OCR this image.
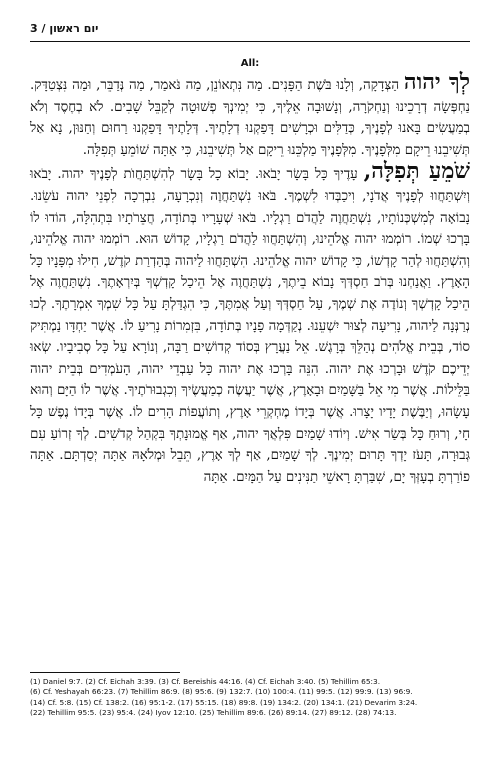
3 / יום ראשון
All:

לְךָ יהוה הַצְּדָקָה, וְלָנוּ בֹּשֶׁת הַפָּנִים. מַה נִּתְאוֹנֵן, מַה נֹּאמַר, מַה נְּדַבֵּר, וּמַה נִּצְטַדָּק. נַחְפְּשָׂה דְרָכֵינוּ וְנַחְקֹרָה, וְנָשׁוּבָה אֵלֶיךָ, כִּי יְמִינְךָ פְשׁוּטָה לְקַבֵּל שָׁבִים. לֹא בְחֶסֶד וְלֹא בְמַעֲשִׂים בָּאנוּ לְפָנֶיךָ, כְּדַלִּים וּכְרָשִׁים דָּפַקְנוּ דְלָתֶיךָ. דְּלָתֶיךָ דָּפַקְנוּ רַחוּם וְחַנּוּן, נָא אַל תְּשִׁיבֵנוּ רֵיקָם מִלְּפָנֶיךָ. מִלְּפָנֶיךָ מַלְכֵּנוּ רֵיקָם אַל תְּשִׁיבֵנוּ, כִּי אַתָּה שׁוֹמֵעַ תְּפִלָּה.

שֹׁמֵעַ תְּפִלָּה, עָדֶיךָ כָּל בָּשָׂר יָבֹאוּ. יָבוֹא כָל בָּשָׂר לְהִשְׁתַּחֲוֺת לְפָנֶיךָ יהוה. יָבֹאוּ וְיִשְׁתַּחֲווּ לְפָנֶיךָ אֲדֹנָי, וִיכַבְּדוּ לִשְׁמֶךָ. בֹּאוּ נִשְׁתַּחֲוֶה וְנִכְרָעָה, נִבְרְכָה לִפְנֵי יהוה עֹשֵׂנוּ. נָבוֹאָה לְמִשְׁכְּנוֹתָיו, נִשְׁתַּחֲוֶה לַהֲדֹם רַגְלָיו. בֹּאוּ שְׁעָרָיו בְּתוֹדָה, חֲצֵרֹתָיו בִּתְהִלָּה, הוֹדוּ לוֹ בָּרְכוּ שְׁמוֹ. רוֹמְמוּ יהוה אֱלֹהֵינוּ, וְהִשְׁתַּחֲווּ לַהֲדֹם רַגְלָיו, קָדוֹשׁ הוּא. רוֹמְמוּ יהוה אֱלֹהֵינוּ, וְהִשְׁתַּחֲווּ לְהַר קָדְשׁוֹ, כִּי קָדוֹשׁ יהוה אֱלֹהֵינוּ. הִשְׁתַּחֲווּ לַיהוה בְּהַדְרַת קֹדֶשׁ, חִילוּ מִפָּנָיו כָּל הָאָרֶץ. וַאֲנַחְנוּ בְּרֹב חַסְדְּךָ נָבוֹא בֵיתֶךָ, נִשְׁתַּחֲוֶה אֶל הֵיכַל קָדְשְׁךָ בְּיִרְאָתֶךָ. נִשְׁתַּחֲוֶה אֶל הֵיכַל קָדְשְׁךָ וְנוֹדֶה אֶת שְׁמֶךָ, עַל חַסְדְּךָ וְעַל אֲמִתֶּךָ, כִּי הִגְדַּלְתָּ עַל כָּל שִׁמְךָ אִמְרָתֶךָ. לְכוּ נְרַנְּנָה לַיהוה, נָרִיעָה לְצוּר יִשְׁעֵנוּ. נְקַדְּמָה פָנָיו בְּתוֹדָה, בִּזְמִרוֹת נָרִיעַ לוֹ. אֲשֶׁר יַחְדָּו נַמְתִּיק סוֹד, בְּבֵית אֱלֹהִים נְהַלֵּךְ בְּרָגֶשׁ. אֵל נַעֲרָץ בְּסוֹד קְדוֹשִׁים רַבָּה, וְנוֹרָא עַל כָּל סְבִיבָיו. שְׂאוּ יְדֵיכֶם קֹדֶשׁ וּבָרְכוּ אֶת יהוה. הִנֵּה בָּרְכוּ אֶת יהוה כָּל עַבְדֵי יהוה, הָעֹמְדִים בְּבֵית יהוה בַּלֵּילוֹת. אֲשֶׁר מִי אֵל בַּשָּׁמַיִם וּבָאָרֶץ, אֲשֶׁר יַעֲשֶׂה כְמַעֲשֶׂיךָ וְכִגְבוּרֹתֶיךָ. אֲשֶׁר לוֹ הַיָּם וְהוּא עָשָׂהוּ, וְיַבֶּשֶׁת יָדָיו יָצָרוּ. אֲשֶׁר בְּיָדוֹ מֶחְקְרֵי אָרֶץ, וְתוֹעֲפוֹת הָרִים לוֹ. אֲשֶׁר בְּיָדוֹ נֶפֶשׁ כָּל חָי, וְרוּחַ כָּל בְּשַׂר אִישׁ. וְיוֹדוּ שָׁמַיִם פִּלְאֲךָ יהוה, אַף אֱמוּנָתְךָ בִּקְהַל קְדֹשִׁים. לְךָ זְרוֹעַ עִם גְּבוּרָה, תָּעֹז יָדְךָ תָּרוּם יְמִינֶךָ. לְךָ שָׁמַיִם, אַף לְךָ אָרֶץ, תֵּבֵל וּמְלֹאָהּ אַתָּה יְסַדְתָּם. אַתָּה פוֹרַרְתָּ בְעָזְּךָ יָם, שִׁבַּרְתָּ רָאשֵׁי תַנִּינִים עַל הַמָּיִם. אַתָּה

(1) Daniel 9:7. (2) Cf. Eichah 3:39. (3) Cf. Bereishis 44:16. (4) Cf. Eichah 3:40. (5) Tehillim 65:3.

(6) Cf. Yeshayah 66:23. (7) Tehillim 86:9. (8) 95:6. (9) 132:7. (10) 100:4. (11) 99:5. (12) 99:9. (13) 96:9.

(14) Cf. 5:8. (15) Cf. 138:2. (16) 95:1-2. (17) 55:15. (18) 89:8. (19) 134:2. (20) 134:1. (21) Devarim 3:24.

(22) Tehillim 95:5. (23) 95:4. (24) Iyov 12:10. (25) Tehillim 89:6. (26) 89:14. (27) 89:12. (28) 74:13.
